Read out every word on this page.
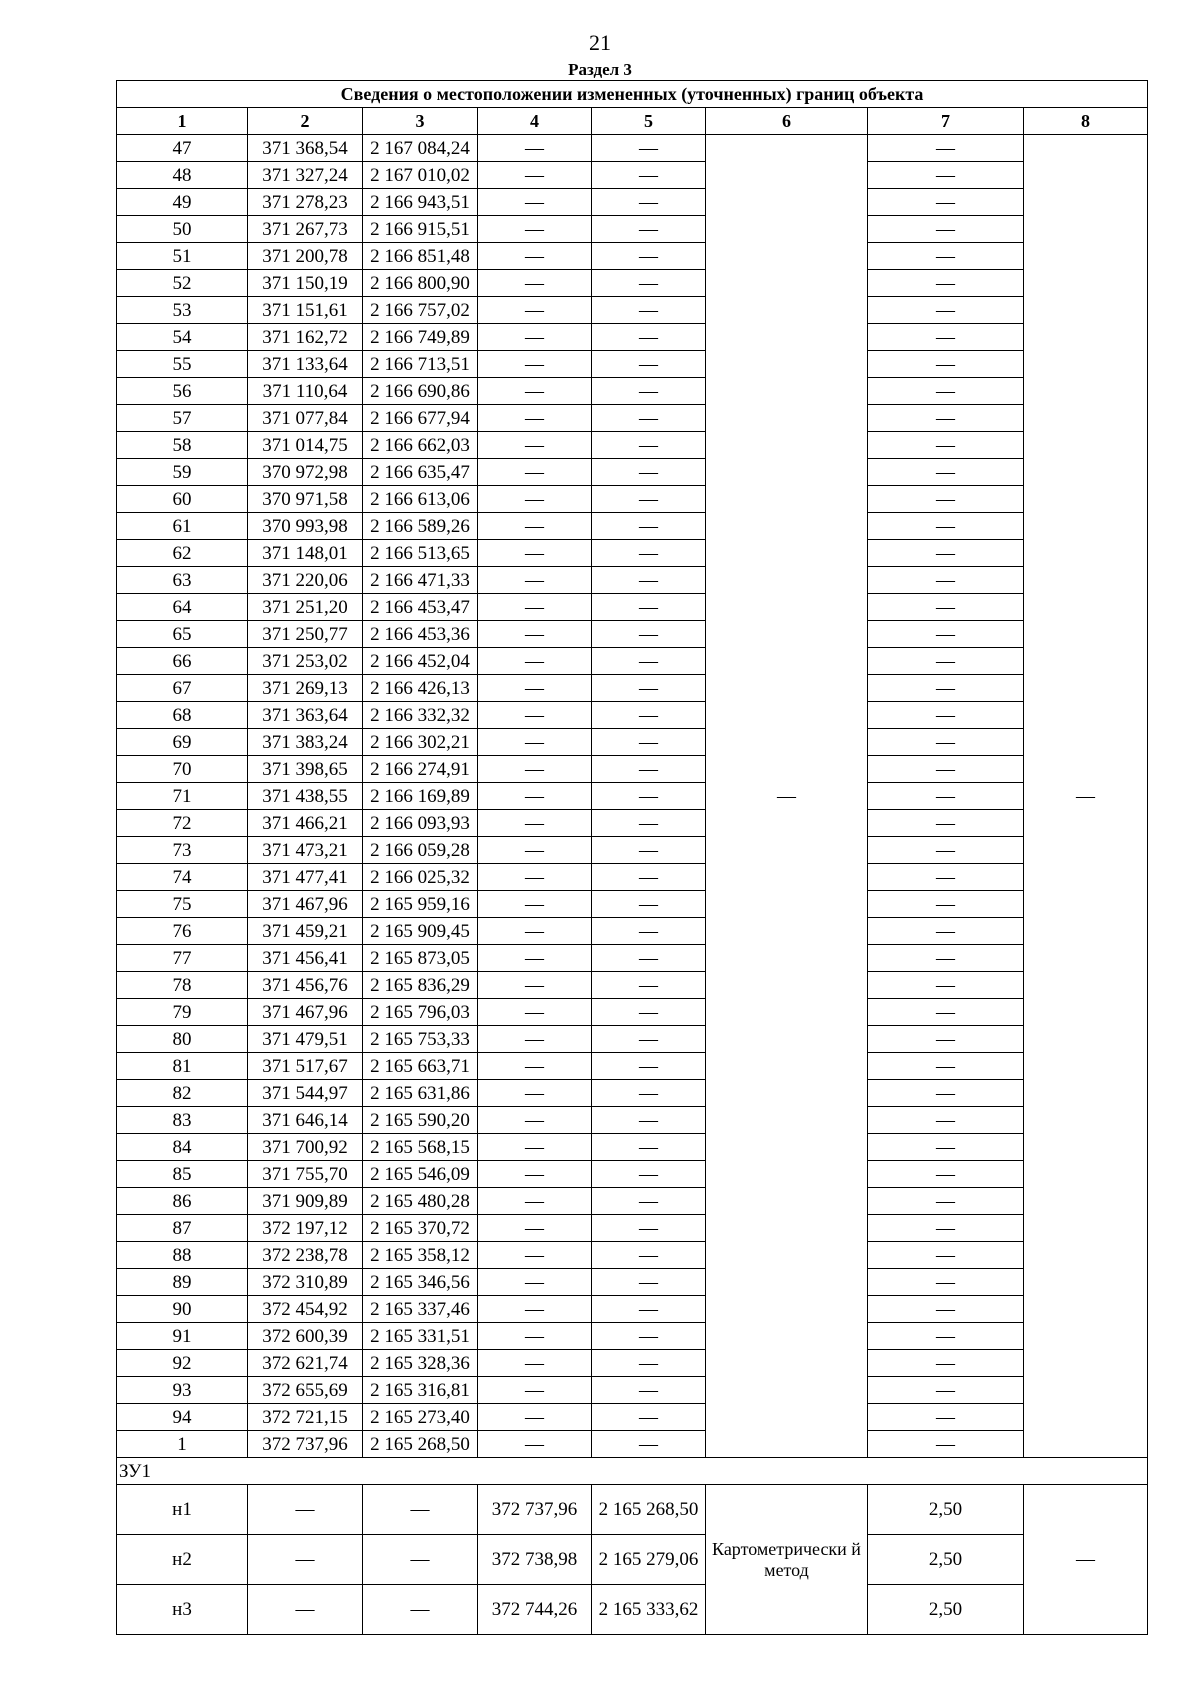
21
Раздел 3
Сведения о местоположении измененных (уточненных) границ объекта							
1	2	3	4	5	6	7	8
47	371 368,54	2 167 084,24	—	—	—	—	—
48	371 327,24	2 167 010,02	—	—		—	
49	371 278,23	2 166 943,51	—	—		—	
50	371 267,73	2 166 915,51	—	—		—	
51	371 200,78	2 166 851,48	—	—		—	
52	371 150,19	2 166 800,90	—	—		—	
53	371 151,61	2 166 757,02	—	—		—	
54	371 162,72	2 166 749,89	—	—		—	
55	371 133,64	2 166 713,51	—	—		—	
56	371 110,64	2 166 690,86	—	—		—	
57	371 077,84	2 166 677,94	—	—		—	
58	371 014,75	2 166 662,03	—	—		—	
59	370 972,98	2 166 635,47	—	—		—	
60	370 971,58	2 166 613,06	—	—		—	
61	370 993,98	2 166 589,26	—	—		—	
62	371 148,01	2 166 513,65	—	—		—	
63	371 220,06	2 166 471,33	—	—		—	
64	371 251,20	2 166 453,47	—	—		—	
65	371 250,77	2 166 453,36	—	—		—	
66	371 253,02	2 166 452,04	—	—		—	
67	371 269,13	2 166 426,13	—	—		—	
68	371 363,64	2 166 332,32	—	—		—	
69	371 383,24	2 166 302,21	—	—		—	
70	371 398,65	2 166 274,91	—	—		—	
71	371 438,55	2 166 169,89	—	—		—	
72	371 466,21	2 166 093,93	—	—		—	
73	371 473,21	2 166 059,28	—	—		—	
74	371 477,41	2 166 025,32	—	—		—	
75	371 467,96	2 165 959,16	—	—		—	
76	371 459,21	2 165 909,45	—	—		—	
77	371 456,41	2 165 873,05	—	—		—	
78	371 456,76	2 165 836,29	—	—		—	
79	371 467,96	2 165 796,03	—	—		—	
80	371 479,51	2 165 753,33	—	—		—	
81	371 517,67	2 165 663,71	—	—		—	
82	371 544,97	2 165 631,86	—	—		—	
83	371 646,14	2 165 590,20	—	—		—	
84	371 700,92	2 165 568,15	—	—		—	
85	371 755,70	2 165 546,09	—	—		—	
86	371 909,89	2 165 480,28	—	—		—	
87	372 197,12	2 165 370,72	—	—		—	
88	372 238,78	2 165 358,12	—	—		—	
89	372 310,89	2 165 346,56	—	—		—	
90	372 454,92	2 165 337,46	—	—		—	
91	372 600,39	2 165 331,51	—	—		—	
92	372 621,74	2 165 328,36	—	—		—	
93	372 655,69	2 165 316,81	—	—		—	
94	372 721,15	2 165 273,40	—	—		—	
1	372 737,96	2 165 268,50	—	—		—	
ЗУ1							
н1	—	—	372 737,96	2 165 268,50	Картометрически й метод	2,50	—
н2	—	—	372 738,98	2 165 279,06		2,50	
н3	—	—	372 744,26	2 165 333,62		2,50	
